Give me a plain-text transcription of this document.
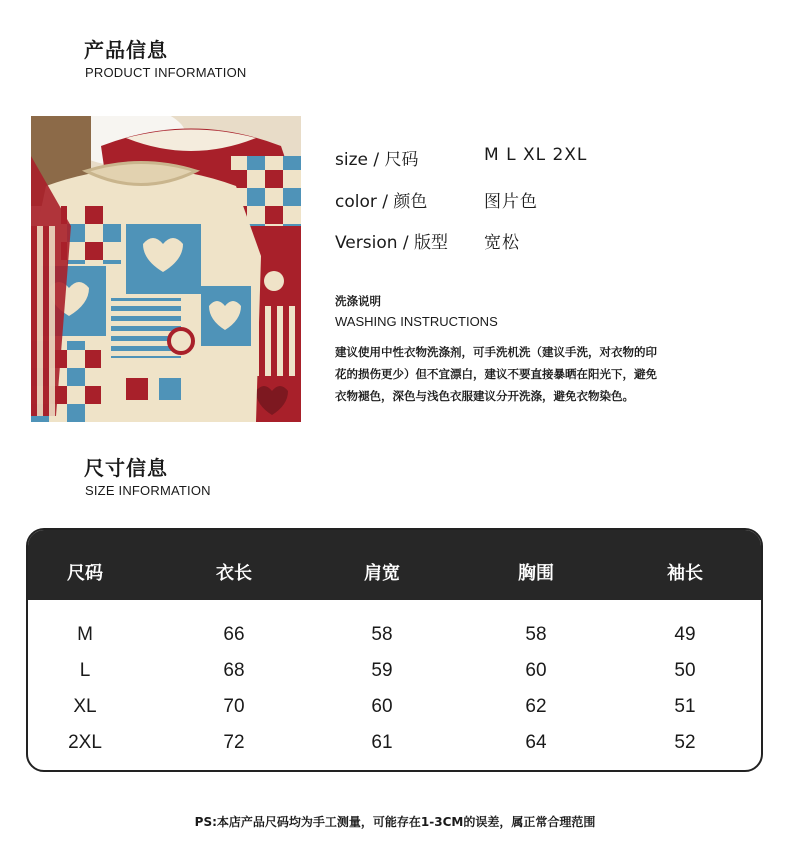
产品信息
PRODUCT INFORMATION
size / 尺码	M L XL 2XL
color / 颜色	图片色
Version / 版型 宽松
洗涤说明
WASHING INSTRUCTIONS
建议使用中性衣物洗涤剂，可手洗机洗（建议手洗，对衣物的印
花的损伤更少）但不宜漂白，建议不要直接暴晒在阳光下，避免
衣物褪色，深色与浅色衣服建议分开洗涤，避免衣物染色。
尺寸信息
SIZE INFORMATION
尺码	衣长	肩宽	胸围	袖长
M	66	58	58	49
L	68	59	60	50
XL	70	60	62	51
2XL	72	61	64	52
PS:本店产品尺码均为手工测量，可能存在1-3CM的误差，属正常合理范围
